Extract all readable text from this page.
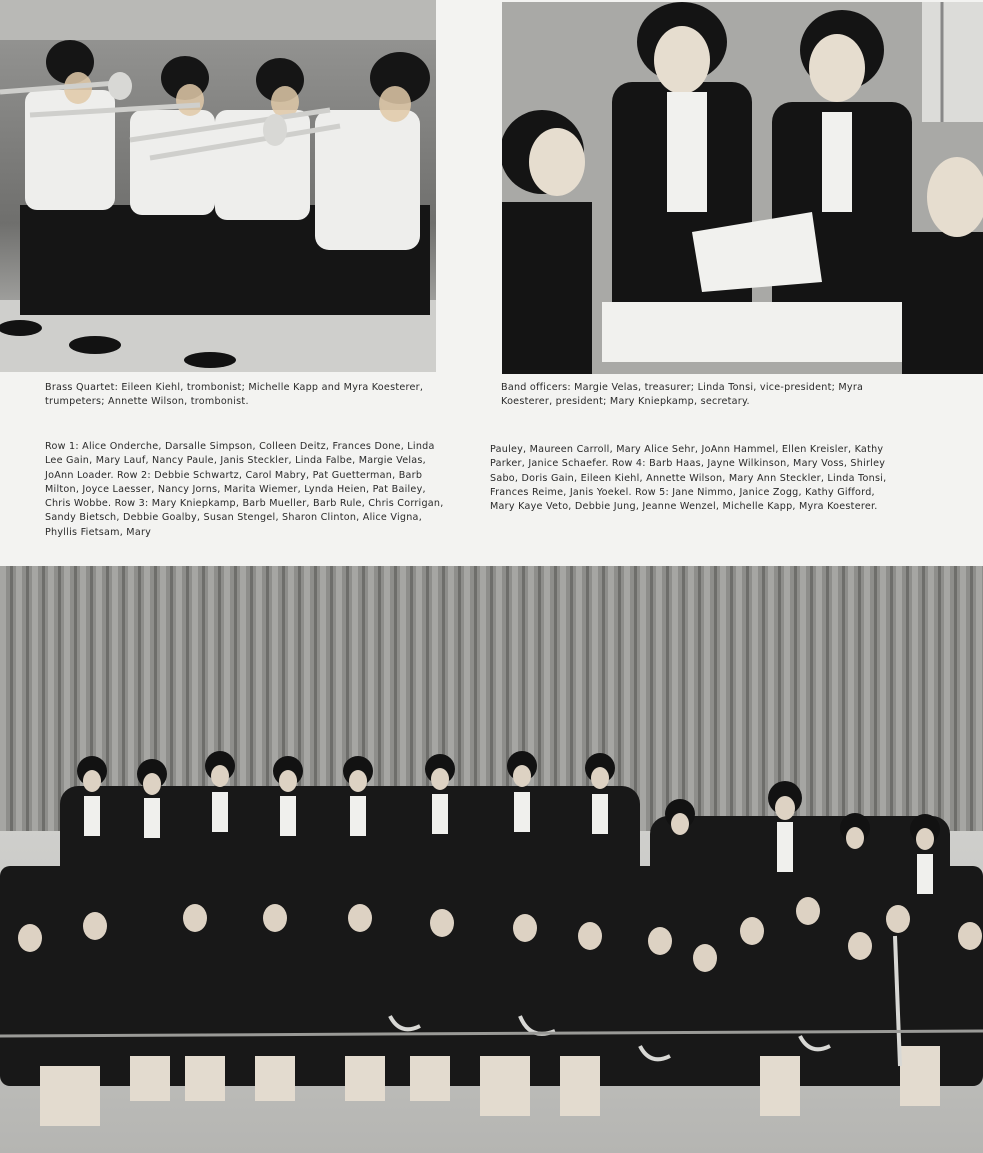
Brass Quartet: Eileen Kiehl, trombonist; Michelle Kapp and Myra Koesterer, trumpeters; Annette Wilson, trombonist.

Band officers: Margie Velas, treasurer; Linda Tonsi, vice-president; Myra Koesterer, president; Mary Kniepkamp, secretary.

Row 1: Alice Onderche, Darsalle Simpson, Colleen Deitz, Frances Done, Linda Lee Gain, Mary Lauf, Nancy Paule, Janis Steckler, Linda Falbe, Margie Velas, JoAnn Loader. Row 2: Debbie Schwartz, Carol Mabry, Pat Guetterman, Barb Milton, Joyce Laesser, Nancy Jorns, Marita Wiemer, Lynda Heien, Pat Bailey, Chris Wobbe. Row 3: Mary Kniepkamp, Barb Mueller, Barb Rule, Chris Corrigan, Sandy Bietsch, Debbie Goalby, Susan Stengel, Sharon Clinton, Alice Vigna, Phyllis Fietsam, Mary

Pauley, Maureen Carroll, Mary Alice Sehr, JoAnn Hammel, Ellen Kreisler, Kathy Parker, Janice Schaefer. Row 4: Barb Haas, Jayne Wilkinson, Mary Voss, Shirley Sabo, Doris Gain, Eileen Kiehl, Annette Wilson, Mary Ann Steckler, Linda Tonsi, Frances Reime, Janis Yoekel. Row 5: Jane Nimmo, Janice Zogg, Kathy Gifford, Mary Kaye Veto, Debbie Jung, Jeanne Wenzel, Michelle Kapp, Myra Koesterer.
